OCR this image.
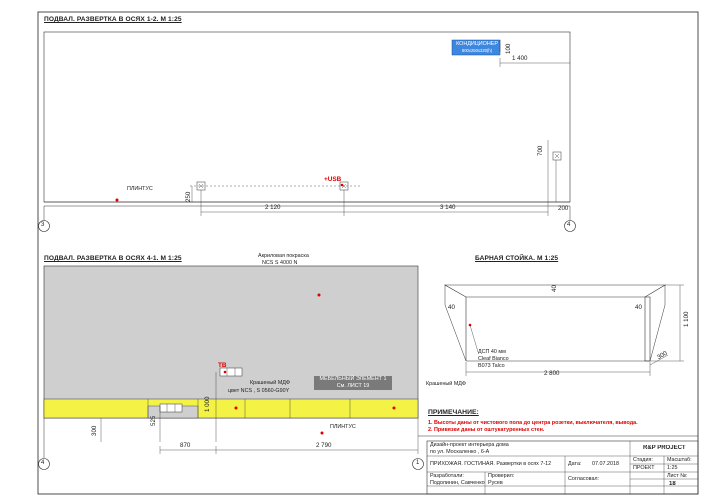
ПОДВАЛ. РАЗВЕРТКА В ОСЯХ 1-2. М 1:25
КОНДИЦИОНЕР
800х250х320(h)	100
1 400
700
+USB
ПЛИНТУС
250
2 120	3 140	200
3	4
ПОДВАЛ. РАЗВЕРТКА В ОСЯХ 4-1. М 1:25	Акриловая покраска
NCS S 4000 N
ТВ
Крашеный МДФ
цвет NCS , S 0560-G90Y
МЕБЕЛЬНЫЙ ЭЛЕМЕНТ 1
См. ЛИСТ 19	Крашеный МДФ
1 000
525
300	ПЛИНТУС
870	2 790
4	1
БАРНАЯ СТОЙКА. М 1:25
40
40	40
1 100
2 800
300
ДСП 40 мм
Cleaf Bianco
B073 Talco
ПРИМЕЧАНИЕ:
1. Высоты даны от чистового пола до центра розетки, выключателя, вывода.
2. Привязки даны от оштукатуренных стен.
Дизайн-проект интерьера дома
по ул. Москаленко , 6-А
R&P PROJECT
ПРИХОЖАЯ. ГОСТИНАЯ. Развертки в осях 7-12	Дата:	07.07.2018
Стадия:	Масштаб:
ПРОЕКТ	1:25
Разработали:
Подолинин, Савченко
Проверил:
Русев
Согласовал:	Лист №:
18
